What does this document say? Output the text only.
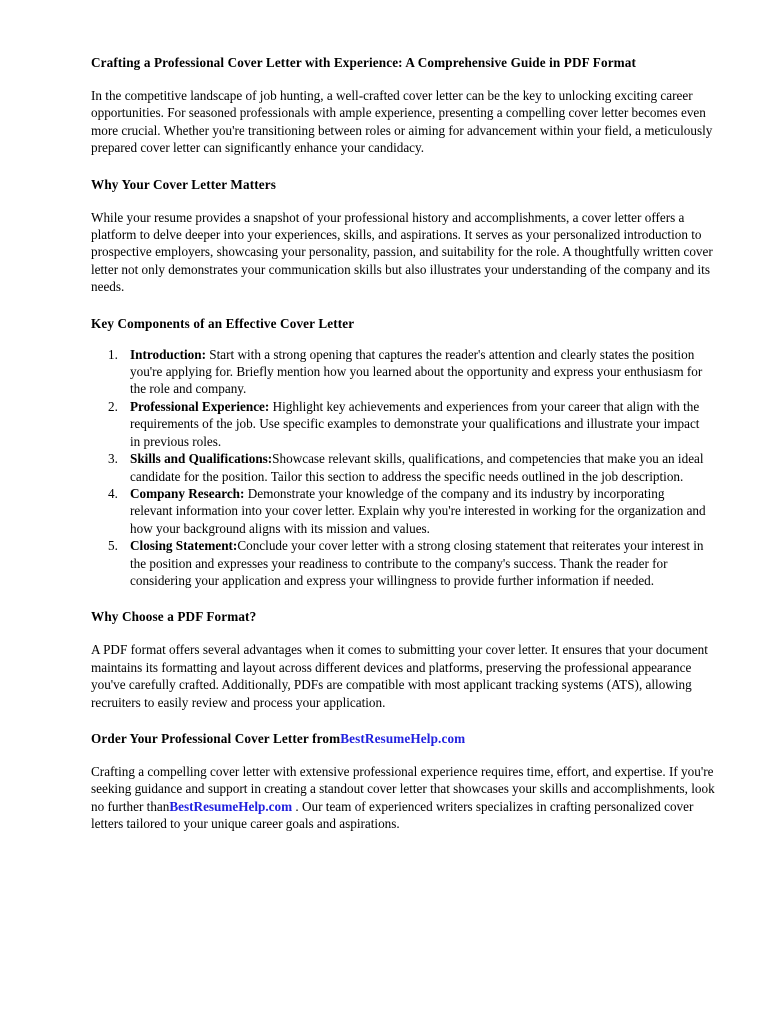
Crafting a Professional Cover Letter with Experience: A Comprehensive Guide in PDF Format

In the competitive landscape of job hunting, a well-crafted cover letter can be the key to unlocking exciting career opportunities. For seasoned professionals with ample experience, presenting a compelling cover letter becomes even more crucial. Whether you're transitioning between roles or aiming for advancement within your field, a meticulously prepared cover letter can significantly enhance your candidacy.

Why Your Cover Letter Matters

While your resume provides a snapshot of your professional history and accomplishments, a cover letter offers a platform to delve deeper into your experiences, skills, and aspirations. It serves as your personalized introduction to prospective employers, showcasing your personality, passion, and suitability for the role. A thoughtfully written cover letter not only demonstrates your communication skills but also illustrates your understanding of the company and its needs.

Key Components of an Effective Cover Letter
Introduction: Start with a strong opening that captures the reader's attention and clearly states the position you're applying for. Briefly mention how you learned about the opportunity and express your enthusiasm for the role and company.
Professional Experience: Highlight key achievements and experiences from your career that align with the requirements of the job. Use specific examples to demonstrate your qualifications and illustrate your impact in previous roles.
Skills and Qualifications:Showcase relevant skills, qualifications, and competencies that make you an ideal candidate for the position. Tailor this section to address the specific needs outlined in the job description.
Company Research: Demonstrate your knowledge of the company and its industry by incorporating relevant information into your cover letter. Explain why you're interested in working for the organization and how your background aligns with its mission and values.
Closing Statement:Conclude your cover letter with a strong closing statement that reiterates your interest in the position and expresses your readiness to contribute to the company's success. Thank the reader for considering your application and express your willingness to provide further information if needed.
Why Choose a PDF Format?

A PDF format offers several advantages when it comes to submitting your cover letter. It ensures that your document maintains its formatting and layout across different devices and platforms, preserving the professional appearance you've carefully crafted. Additionally, PDFs are compatible with most applicant tracking systems (ATS), allowing recruiters to easily review and process your application.

Order Your Professional Cover Letter fromBestResumeHelp.com

Crafting a compelling cover letter with extensive professional experience requires time, effort, and expertise. If you're seeking guidance and support in creating a standout cover letter that showcases your skills and accomplishments, look no further thanBestResumeHelp.com . Our team of experienced writers specializes in crafting personalized cover letters tailored to your unique career goals and aspirations.
